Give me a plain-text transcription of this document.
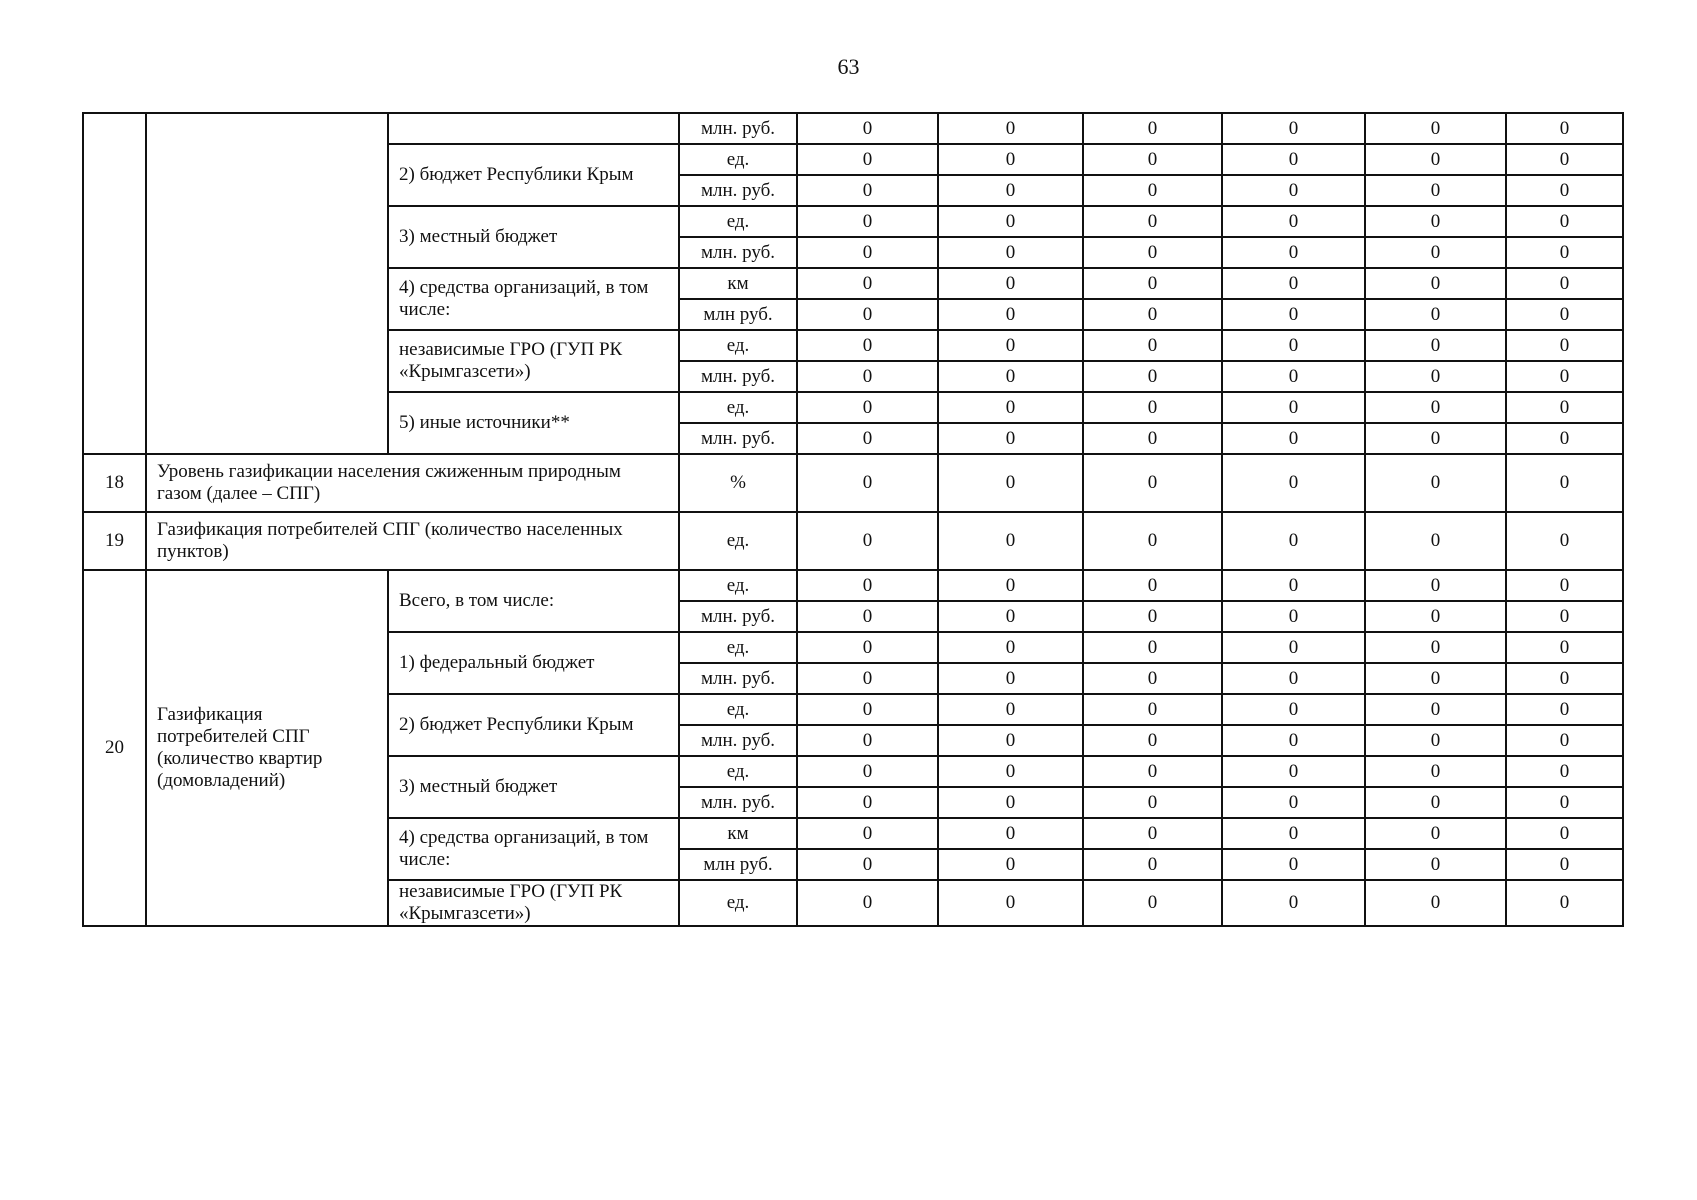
63
			млн. руб.	0	0	0	0	0	0
		2) бюджет Республики Крым	ед.	0	0	0	0	0	0
			млн. руб.	0	0	0	0	0	0
		3) местный бюджет	ед.	0	0	0	0	0	0
			млн. руб.	0	0	0	0	0	0
		4) средства организаций, в том числе:	км	0	0	0	0	0	0
			млн руб.	0	0	0	0	0	0
		независимые ГРО (ГУП РК «Крымгазсети»)	ед.	0	0	0	0	0	0
			млн. руб.	0	0	0	0	0	0
		5) иные источники**	ед.	0	0	0	0	0	0
			млн. руб.	0	0	0	0	0	0
18	Уровень газификации населения сжиженным природным газом (далее – СПГ)		%	0	0	0	0	0	0
19	Газификация потребителей СПГ (количество населенных пунктов)		ед.	0	0	0	0	0	0
20	Газификация потребителей СПГ (количество квартир (домовладений)	Всего, в том числе:	ед.	0	0	0	0	0	0
			млн. руб.	0	0	0	0	0	0
		1) федеральный бюджет	ед.	0	0	0	0	0	0
			млн. руб.	0	0	0	0	0	0
		2) бюджет Республики Крым	ед.	0	0	0	0	0	0
			млн. руб.	0	0	0	0	0	0
		3) местный бюджет	ед.	0	0	0	0	0	0
			млн. руб.	0	0	0	0	0	0
		4) средства организаций, в том числе:	км	0	0	0	0	0	0
			млн руб.	0	0	0	0	0	0
		независимые ГРО (ГУП РК «Крымгазсети»)	ед.	0	0	0	0	0	0
